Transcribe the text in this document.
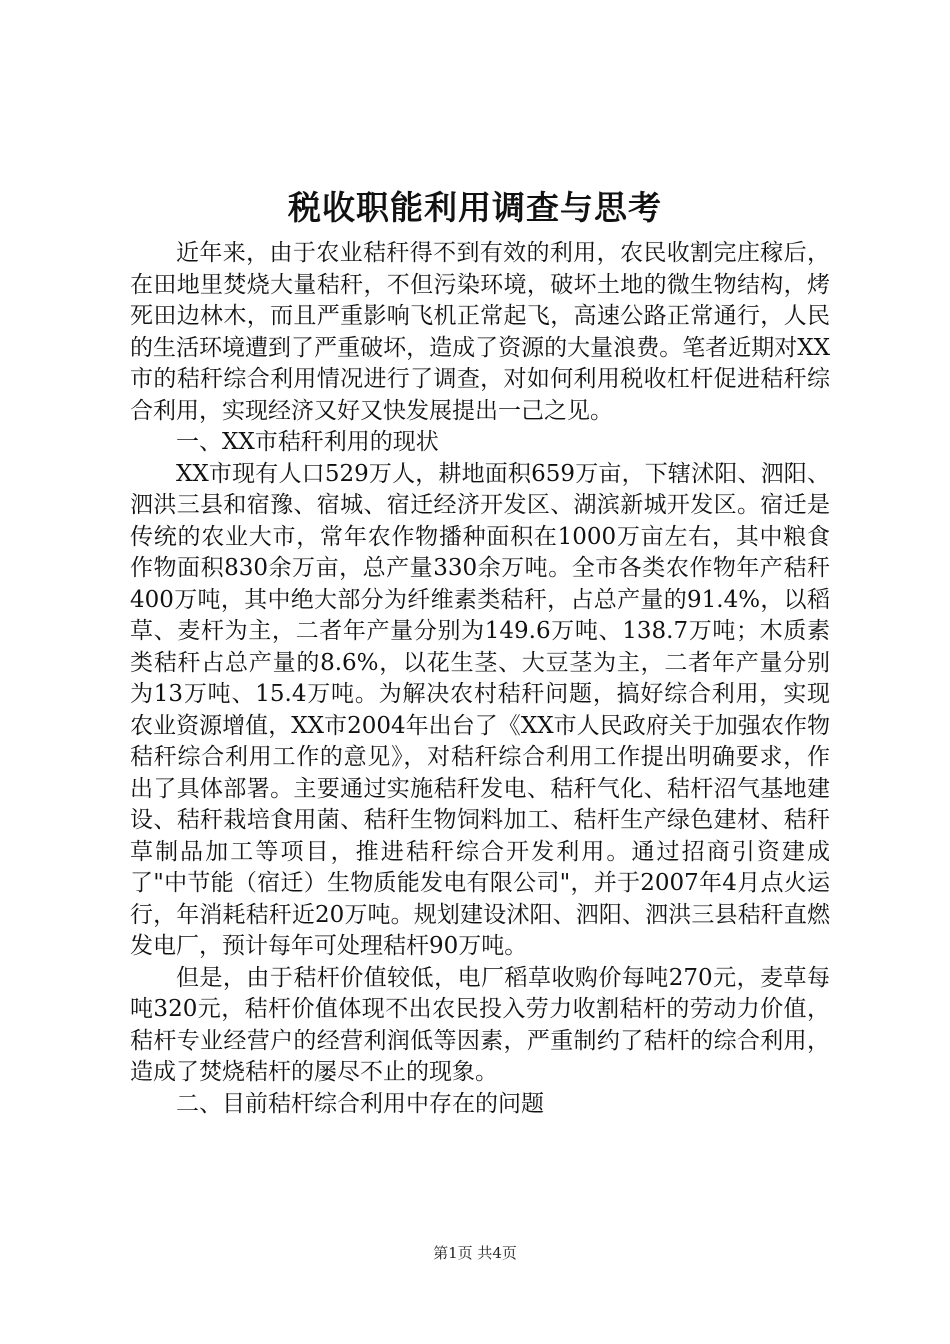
税收职能利用调查与思考

近年来，由于农业秸秆得不到有效的利用，农民收割完庄稼后，在田地里焚烧大量秸秆，不但污染环境，破坏土地的微生物结构，烤死田边林木，而且严重影响飞机正常起飞，高速公路正常通行，人民的生活环境遭到了严重破坏，造成了资源的大量浪费。笔者近期对XX市的秸秆综合利用情况进行了调查，对如何利用税收杠杆促进秸秆综合利用，实现经济又好又快发展提出一己之见。

一、XX市秸秆利用的现状

XX市现有人口529万人，耕地面积659万亩，下辖沭阳、泗阳、泗洪三县和宿豫、宿城、宿迁经济开发区、湖滨新城开发区。宿迁是传统的农业大市，常年农作物播种面积在1000万亩左右，其中粮食作物面积830余万亩，总产量330余万吨。全市各类农作物年产秸秆400万吨，其中绝大部分为纤维素类秸秆，占总产量的91.4%，以稻草、麦杆为主，二者年产量分别为149.6万吨、138.7万吨；木质素类秸秆占总产量的8.6%，以花生茎、大豆茎为主，二者年产量分别为13万吨、15.4万吨。为解决农村秸秆问题，搞好综合利用，实现农业资源增值，XX市2004年出台了《XX市人民政府关于加强农作物秸秆综合利用工作的意见》，对秸秆综合利用工作提出明确要求，作出了具体部署。主要通过实施秸秆发电、秸秆气化、秸杆沼气基地建设、秸秆栽培食用菌、秸秆生物饲料加工、秸杆生产绿色建材、秸秆草制品加工等项目，推进秸秆综合开发利用。通过招商引资建成了"中节能（宿迁）生物质能发电有限公司"，并于2007年4月点火运行，年消耗秸秆近20万吨。规划建设沭阳、泗阳、泗洪三县秸秆直燃发电厂，预计每年可处理秸杆90万吨。

但是，由于秸杆价值较低，电厂稻草收购价每吨270元，麦草每吨320元，秸杆价值体现不出农民投入劳力收割秸杆的劳动力价值，秸杆专业经营户的经营利润低等因素，严重制约了秸杆的综合利用，造成了焚烧秸杆的屡尽不止的现象。

二、目前秸杆综合利用中存在的问题

第1页 共4页
